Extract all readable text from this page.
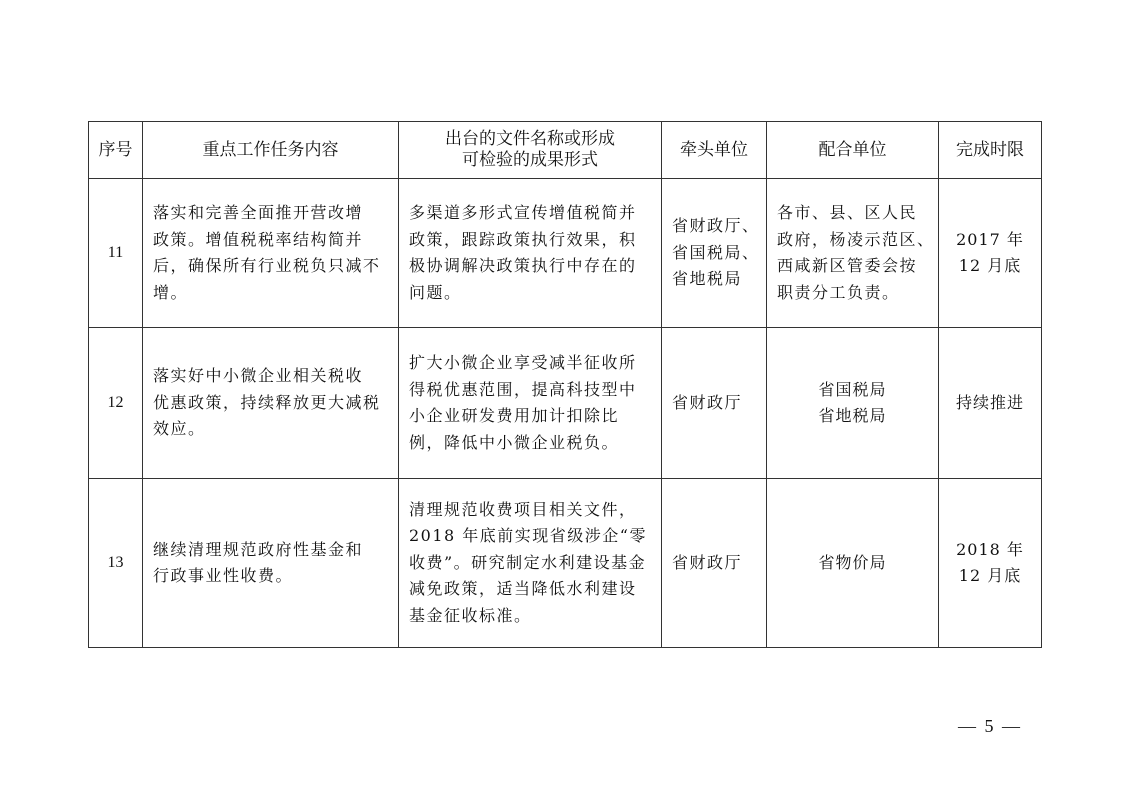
序号	重点工作任务内容	出台的文件名称或形成
可检验的成果形式	牵头单位	配合单位	完成时限
11	落实和完善全面推开营改增
政策。增值税税率结构简并
后，确保所有行业税负只减不
增。	多渠道多形式宣传增值税简并
政策，跟踪政策执行效果，积
极协调解决政策执行中存在的
问题。	省财政厅、
省国税局、
省地税局	各市、县、区人民
政府，杨凌示范区、
西咸新区管委会按
职责分工负责。	2017 年
12 月底

12	落实好中小微企业相关税收
优惠政策，持续释放更大减税
效应。	扩大小微企业享受减半征收所
得税优惠范围，提高科技型中
小企业研发费用加计扣除比
例，降低中小微企业税负。	省财政厅	省国税局
省地税局	持续推进

13	继续清理规范政府性基金和
行政事业性收费。	清理规范收费项目相关文件，
2018 年底前实现省级涉企“零
收费”。研究制定水利建设基金
减免政策，适当降低水利建设
基金征收标准。	省财政厅	省物价局	2018 年
12 月底
— 5 —
